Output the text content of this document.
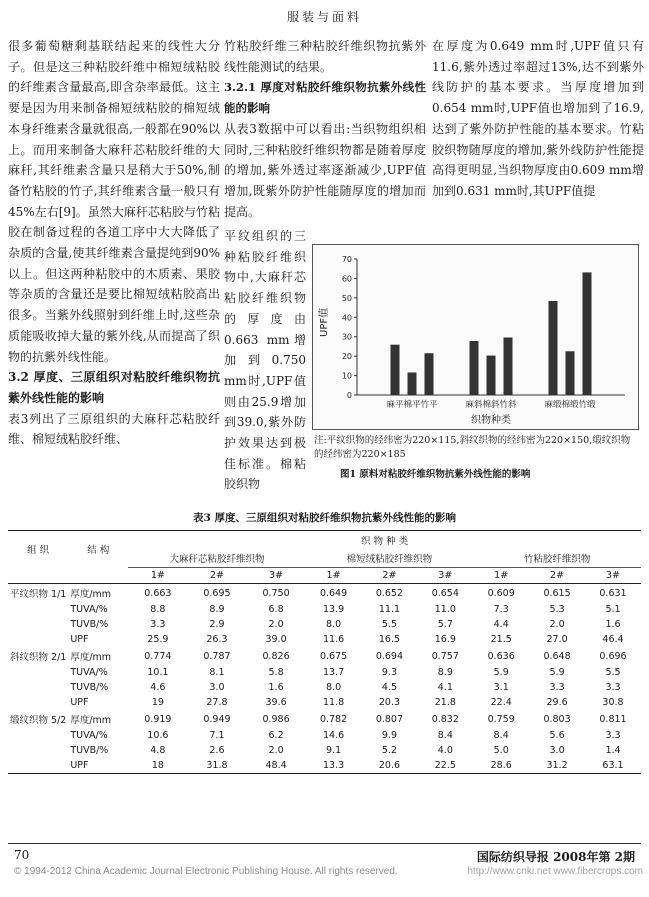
服装与面料

很多葡萄糖剩基联结起来的线性大分子。但是这三种粘胶纤维中棉短绒粘胶的纤维素含量最高,即含杂率最低。这主要是因为用来制备棉短绒粘胶的棉短绒本身纤维素含量就很高,一般都在90%以上。而用来制备大麻秆芯粘胶纤维的大麻秆,其纤维素含量只是稍大于50%,制备竹粘胶的竹子,其纤维素含量一般只有45%左右[9]。虽然大麻秆芯粘胶与竹粘胶在制备过程的各道工序中大大降低了杂质的含量,使其纤维素含量提纯到90%以上。但这两种粘胶中的木质素、果胶等杂质的含量还是要比棉短绒粘胶高出很多。当紫外线照射到纤维上时,这些杂质能吸收掉大量的紫外线,从而提高了织物的抗紫外线性能。

3.2 厚度、三原组织对粘胶纤维织物抗紫外线性能的影响

表3列出了三原组织的大麻秆芯粘胶纤维、棉短绒粘胶纤维、

竹粘胶纤维三种粘胶纤维织物抗紫外线性能测试的结果。

3.2.1 厚度对粘胶纤维织物抗紫外线性能的影响

从表3数据中可以看出:当织物组织相同时,三种粘胶纤维织物都是随着厚度的增加,紫外透过率逐渐减少,UPF值增加,既紫外防护性能随厚度的增加而提高。

平纹组织的三种粘胶纤维织物中,大麻秆芯粘胶纤维织物的厚度由0.663 mm增加到0.750 mm时,UPF值则由25.9增加到39.0,紫外防护效果达到极佳标准。棉粘胶织物

在厚度为0.649 mm时,UPF值只有11.6,紫外透过率超过13%,达不到紫外线防护的基本要求。当厚度增加到0.654 mm时,UPF值也增加到了16.9,达到了紫外防护性能的基本要求。竹粘胶织物随厚度的增加,紫外线防护性能提高得更明显,当织物厚度由0.609 mm增加到0.631 mm时,其UPF值提

UPF值
织物种类
0
10
20
30
40
50
60
70
麻平 棉平 竹平	麻斜 棉斜 竹斜	麻缎 棉缎 竹缎
注:平纹织物的经纬密为220×115,斜纹织物的经纬密为220×150,缎纹织物的经纬密为220×185
图1 原料对粘胶纤维织物抗紫外线性能的影响
表3 厚度、三原组织对粘胶纤维织物抗紫外线性能的影响
组 织	结 构	织 物 种 类								
		大麻秆芯粘胶纤维织物			棉短绒粘胶纤维织物			竹粘胶纤维织物		
		1#	2#	3#	1#	2#	3#	1#	2#	3#
平纹织物 1/1	厚度/mm	0.663	0.695	0.750	0.649	0.652	0.654	0.609	0.615	0.631
	TUVA/%	8.8	8.9	6.8	13.9	11.1	11.0	7.3	5.3	5.1
	TUVB/%	3.3	2.9	2.0	8.0	5.5	5.7	4.4	2.0	1.6
	UPF	25.9	26.3	39.0	11.6	16.5	16.9	21.5	27.0	46.4
斜纹织物 2/1	厚度/mm	0.774	0.787	0.826	0.675	0.694	0.757	0.636	0.648	0.696
	TUVA/%	10.1	8.1	5.8	13.7	9.3	8.9	5.9	5.9	5.5
	TUVB/%	4.6	3.0	1.6	8.0	4.5	4.1	3.1	3.3	3.3
	UPF	19	27.8	39.6	11.8	20.3	21.8	22.4	29.6	30.8
缎纹织物 5/2	厚度/mm	0.919	0.949	0.986	0.782	0.807	0.832	0.759	0.803	0.811
	TUVA/%	10.6	7.1	6.2	14.6	9.9	8.4	8.4	5.6	3.3
	TUVB/%	4.8	2.6	2.0	9.1	5.2	4.0	5.0	3.0	1.4
	UPF	18	31.8	48.4	13.3	20.6	22.5	28.6	31.2	63.1
70	国际纺织导报 2008年第 2期
© 1994-2012 China Academic Journal Electronic Publishing House. All rights reserved.	http://www.cnki.net www.fibercrops.com
